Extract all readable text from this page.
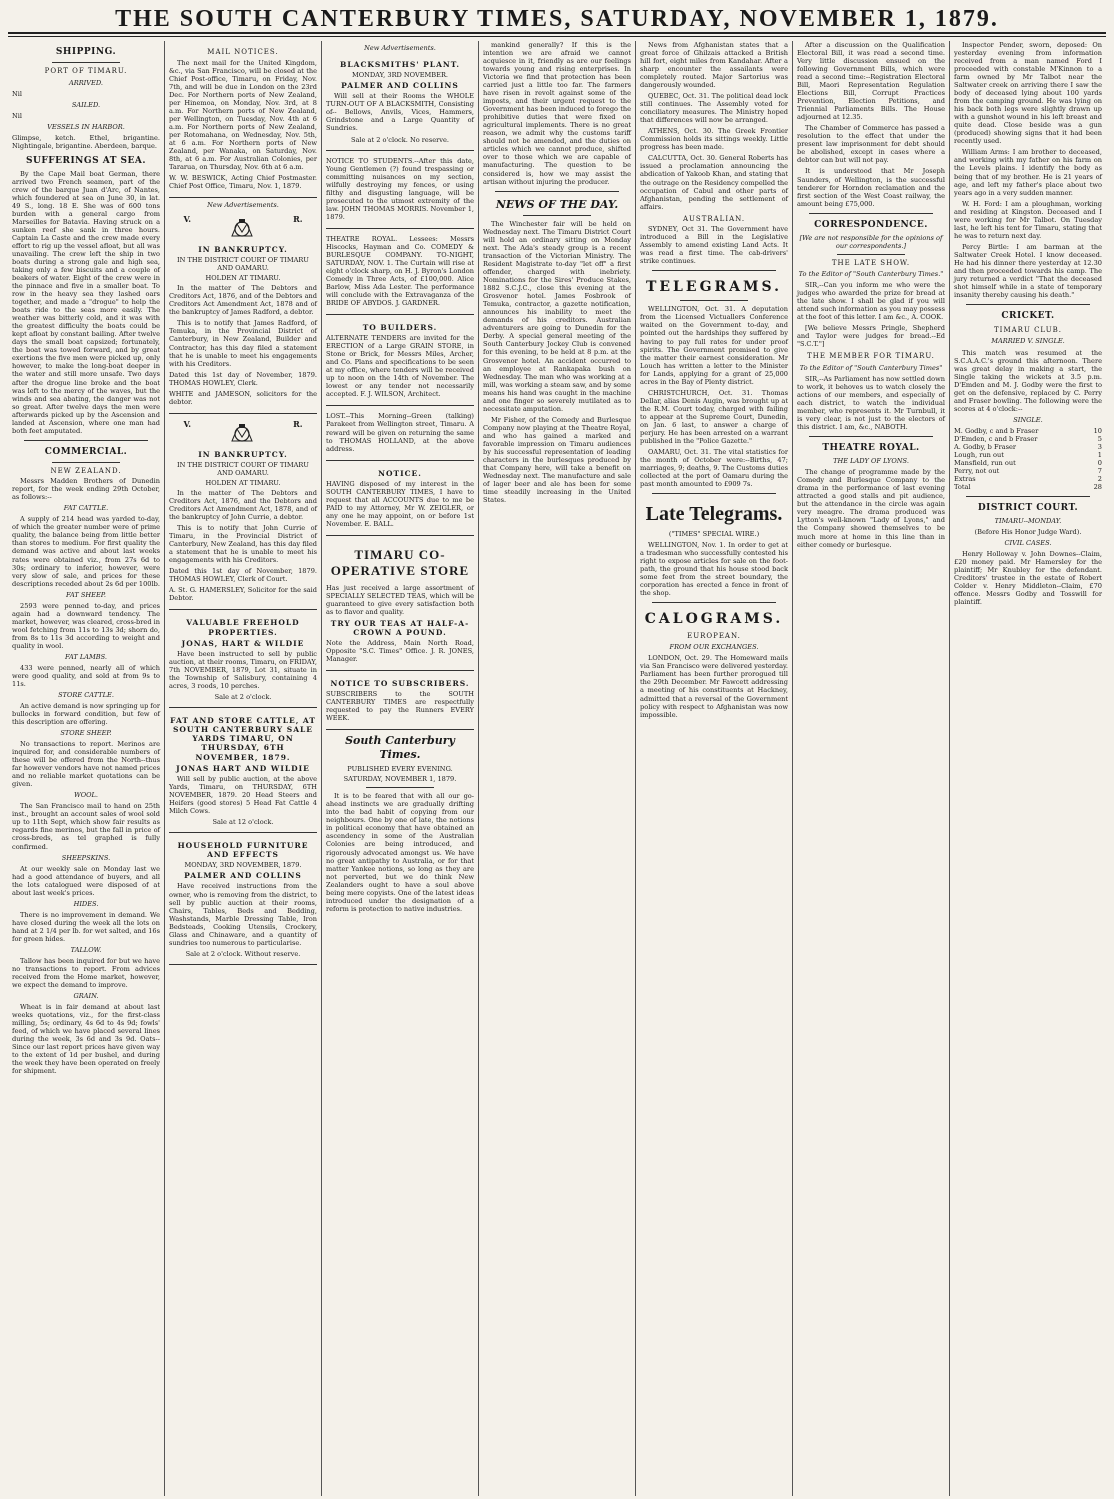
THE SOUTH CANTERBURY TIMES, SATURDAY, NOVEMBER 1, 1879.
SHIPPING.
PORT OF TIMARU.
ARRIVED.
Nil
SAILED.
Nil
VESSELS IN HARBOR.
Glimpse, ketch. Ethel, brigantine. Nightingale, brigantine. Aberdeen, barque.
SUFFERINGS AT SEA.
By the Cape Mail boat German, there arrived two French seamen, part of the crew of the barque Juan d'Arc, of Nantes, which foundered at sea on June 30, in lat. 49 S., long. 18 E. She was of 600 tons burden with a general cargo from Marseilles for Batavia. Having struck on a sunken reef she sank in three hours. Captain La Caste and the crew made every effort to rig up the vessel afloat, but all was unavailing. The crew left the ship in two boats during a strong gale and high sea, taking only a few biscuits and a couple of beakers of water. Eight of the crew were in the pinnace and five in a smaller boat. To row in the heavy sea they lashed oars together, and made a "drogue" to help the boats ride to the seas more easily. The weather was bitterly cold, and it was with the greatest difficulty the boats could be kept afloat by constant bailing. After twelve days the small boat capsized; fortunately, the boat was towed forward, and by great exertions the five men were picked up, only however, to make the long-boat deeper in the water and still more unsafe. Two days after the drogue line broke and the boat was left to the mercy of the waves, but the winds and sea abating, the danger was not so great. After twelve days the men were afterwards picked up by the Ascension and landed at Ascension, where one man had both feet amputated.
COMMERCIAL.
NEW ZEALAND.
Messrs Madden Brothers of Dunedin report, for the week ending 29th October, as follows:--
FAT CATTLE.
A supply of 214 head was yarded to-day, of which the greater number were of prime quality, the balance being from little better than stores to medium. For first quality the demand was active and about last weeks rates were obtained viz., from 27s 6d to 30s; ordinary to inferior, however, were very slow of sale, and prices for these descriptions receded about 2s 6d per 100lb.
FAT SHEEP.
2593 were penned to-day, and prices again had a downward tendency. The market, however, was cleared, cross-bred in wool fetching from 11s to 13s 3d; shorn do, from 8s to 11s 3d according to weight and quality in wool.
FAT LAMBS.
433 were penned, nearly all of which were good quality, and sold at from 9s to 11s.
STORE CATTLE.
An active demand is now springing up for bullocks in forward condition, but few of this description are offering.
STORE SHEEP.
No transactions to report. Merinos are inquired for, and considerable numbers of these will be offered from the North--thus far however vendors have not named prices and no reliable market quotations can be given.
WOOL.
The San Francisco mail to hand on 25th inst., brought an account sales of wool sold up to 11th Sept, which show fair results as regards fine merinos, but the fall in price of cross-breds, as tel graphed is fully confirmed.
SHEEPSKINS.
At our weekly sale on Monday last we had a good attendance of buyers, and all the lots catalogued were disposed of at about last week's prices.
HIDES.
There is no improvement in demand. We have closed during the week all the lots on hand at 2 1/4 per lb. for wet salted, and 16s for green hides.
TALLOW.
Tallow has been inquired for but we have no transactions to report. From advices received from the Home market, however, we expect the demand to improve.
GRAIN.
Wheat is in fair demand at about last weeks quotations, viz., for the first-class milling, 5s; ordinary, 4s 6d to 4s 9d; fowls' feed, of which we have placed several lines during the week, 3s 6d and 3s 9d. Oats--Since our last report prices have given way to the extent of 1d per bushel, and during the week they have been operated on freely for shipment.
MAIL NOTICES.
The next mail for the United Kingdom, &c., via San Francisco, will be closed at the Chief Post-office, Timaru, on Friday, Nov. 7th, and will be due in London on the 23rd Dec. For Northern ports of New Zealand, per Hinemoa, on Monday, Nov. 3rd, at 8 a.m. For Northern ports of New Zealand, per Wellington, on Tuesday, Nov. 4th at 6 a.m. For Northern ports of New Zealand, per Rotomahana, on Wednesday, Nov. 5th, at 6 a.m. For Northern ports of New Zealand, per Wanaka, on Saturday, Nov. 8th, at 6 a.m. For Australian Colonies, per Tararua, on Thursday, Nov. 6th at 6 a.m.
W. W. BESWICK, Acting Chief Postmaster. Chief Post Office, Timaru, Nov. 1, 1879.
New Advertisements.
V.	R.
IN BANKRUPTCY.
IN THE DISTRICT COURT OF TIMARU AND OAMARU.
HOLDEN AT TIMARU.
In the matter of The Debtors and Creditors Act, 1876, and of the Debtors and Creditors Act Amendment Act, 1878 and of the bankruptcy of James Radford, a debtor.
This is to notify that James Radford, of Temuka, in the Provincial District of Canterbury, in New Zealand, Builder and Contractor, has this day filed a statement that he is unable to meet his engagements with his Creditors.
Dated this 1st day of November, 1879. THOMAS HOWLEY, Clerk.
WHITE and JAMESON, solicitors for the debtor.
V.	R.
IN BANKRUPTCY.
IN THE DISTRICT COURT OF TIMARU AND OAMARU.
HOLDEN AT TIMARU.
In the matter of The Debtors and Creditors Act, 1876, and the Debtors and Creditors Act Amendment Act, 1878, and of the bankruptcy of John Currie, a debtor.
This is to notify that John Currie of Timaru, in the Provincial District of Canterbury, New Zealand, has this day filed a statement that he is unable to meet his engagements with his Creditors.
Dated this 1st day of November, 1879. THOMAS HOWLEY, Clerk of Court.
A. St. G. HAMERSLEY, Solicitor for the said Debtor.
VALUABLE FREEHOLD PROPERTIES.
JONAS, HART & WILDIE
Have been instructed to sell by public auction, at their rooms, Timaru, on FRIDAY, 7th NOVEMBER, 1879, Lot 31, situate in the Township of Salisbury, containing 4 acres, 3 roods, 10 perches.
Sale at 2 o'clock.
FAT AND STORE CATTLE, AT SOUTH CANTERBURY SALE YARDS TIMARU, ON THURSDAY, 6TH NOVEMBER, 1879.
JONAS HART AND WILDIE
Will sell by public auction, at the above Yards, Timaru, on THURSDAY, 6TH NOVEMBER, 1879. 20 Head Steers and Heifers (good stores) 5 Head Fat Cattle 4 Milch Cows.
Sale at 12 o'clock.
HOUSEHOLD FURNITURE AND EFFECTS
MONDAY, 3RD NOVEMBER, 1879.
PALMER AND COLLINS
Have received instructions from the owner, who is removing from the district, to sell by public auction at their rooms, Chairs, Tables, Beds and Bedding, Washstands, Marble Dressing Table, Iron Bedsteads, Cooking Utensils, Crockery, Glass and Chinaware, and a quantity of sundries too numerous to particularise.
Sale at 2 o'clock. Without reserve.
New Advertisements.
BLACKSMITHS' PLANT.
MONDAY, 3RD NOVEMBER.
PALMER AND COLLINS
Will sell at their Rooms the WHOLE TURN-OUT OF A BLACKSMITH, Consisting of-- Bellows, Anvils, Vices, Hammers, Grindstone and a Large Quantity of Sundries.
Sale at 2 o'clock. No reserve.
NOTICE TO STUDENTS.--After this date, Young Gentlemen (?) found trespassing or committing nuisances on my section, wilfully destroying my fences, or using filthy and disgusting language, will be prosecuted to the utmost extremity of the law. JOHN THOMAS MORRIS. November 1, 1879.
THEATRE ROYAL. Lessees: Messrs Hiscocks, Hayman and Co. COMEDY & BURLESQUE COMPANY. TO-NIGHT, SATURDAY, NOV. 1. The Curtain will rise at eight o'clock sharp, on H. J. Byron's London Comedy in Three Acts, of £100,000. Alice Barlow, Miss Ada Lester. The performance will conclude with the Extravaganza of the BRIDE OF ABYDOS. J. GARDNER.
TO BUILDERS.
ALTERNATE TENDERS are invited for the ERECTION of a Large GRAIN STORE, in Stone or Brick, for Messrs Miles, Archer, and Co. Plans and specifications to be seen at my office, where tenders will be received up to noon on the 14th of November. The lowest or any tender not necessarily accepted. F. J. WILSON, Architect.
LOST.--This Morning--Green (talking) Parakeet from Wellington street, Timaru. A reward will be given on returning the same to THOMAS HOLLAND, at the above address.
NOTICE.
HAVING disposed of my interest in the SOUTH CANTERBURY TIMES, I have to request that all ACCOUNTS due to me be PAID to my Attorney, Mr W. ZEIGLER, or any one he may appoint, on or before 1st November. E. BALL.
TIMARU CO-OPERATIVE STORE
Has just received a large assortment of SPECIALLY SELECTED TEAS, which will be guaranteed to give every satisfaction both as to flavor and quality.
TRY OUR TEAS AT HALF-A-CROWN A POUND.
Note the Address, Main North Road, Opposite "S.C. Times" Office. J. R. JONES, Manager.
NOTICE TO SUBSCRIBERS.
SUBSCRIBERS to the SOUTH CANTERBURY TIMES are respectfully requested to pay the Runners EVERY WEEK.
South Canterbury Times.
PUBLISHED EVERY EVENING.
SATURDAY, NOVEMBER 1, 1879.
It is to be feared that with all our go-ahead instincts we are gradually drifting into the bad habit of copying from our neighbours. One by one of late, the notions in political economy that have obtained an ascendency in some of the Australian Colonies are being introduced, and rigorously advocated amongst us. We have no great antipathy to Australia, or for that matter Yankee notions, so long as they are not perverted, but we do think New Zealanders ought to have a soul above being mere copyists. One of the latest ideas introduced under the designation of a reform is protection to native industries.
mankind generally? If this is the intention we are afraid we cannot acquiesce in it, friendly as are our feelings towards young and rising enterprises. In Victoria we find that protection has been carried just a little too far. The farmers have risen in revolt against some of the imposts, and their urgent request to the Government has been induced to forego the prohibitive duties that were fixed on agricultural implements. There is no great reason, we admit why the customs tariff should not be amended, and the duties on articles which we cannot produce, shifted over to those which we are capable of manufacturing. The question to be considered is, how we may assist the artisan without injuring the producer.
NEWS OF THE DAY.
The Winchester fair will be held on Wednesday next. The Timaru District Court will hold an ordinary sitting on Monday next. The Ada's steady group is a recent transaction of the Victorian Ministry. The Resident Magistrate to-day "let off" a first offender, charged with inebriety. Nominations for the Sires' Produce Stakes, 1882 S.C.J.C., close this evening at the Grosvenor hotel. James Fosbrook of Temuka, contractor, a gazette notification, announces his inability to meet the demands of his creditors. Australian adventurers are going to Dunedin for the Derby. A special general meeting of the South Canterbury Jockey Club is convened for this evening, to be held at 8 p.m. at the Grosvenor hotel. An accident occurred to an employee at Rankapaka bush on Wednesday. The man who was working at a mill, was working a steam saw, and by some means his hand was caught in the machine and one finger so severely mutilated as to necessitate amputation.
Mr Fisher, of the Comedy and Burlesque Company now playing at the Theatre Royal, and who has gained a marked and favorable impression on Timaru audiences by his successful representation of leading characters in the burlesques produced by that Company here, will take a benefit on Wednesday next. The manufacture and sale of lager beer and ale has been for some time steadily increasing in the United States.
News from Afghanistan states that a great force of Ghilzais attacked a British hill fort, eight miles from Kandahar. After a sharp encounter the assailants were completely routed. Major Sartorius was dangerously wounded.
QUEBEC, Oct. 31. The political dead lock still continues. The Assembly voted for conciliatory measures. The Ministry hoped that differences will now be arranged.
ATHENS, Oct. 30. The Greek Frontier Commission holds its sittings weekly. Little progress has been made.
CALCUTTA, Oct. 30. General Roberts has issued a proclamation announcing the abdication of Yakoob Khan, and stating that the outrage on the Residency compelled the occupation of Cabul and other parts of Afghanistan, pending the settlement of affairs.
AUSTRALIAN.
SYDNEY, Oct 31. The Government have introduced a Bill in the Legislative Assembly to amend existing Land Acts. It was read a first time. The cab-drivers' strike continues.
TELEGRAMS.
WELLINGTON, Oct. 31. A deputation from the Licensed Victuallers Conference waited on the Government to-day, and pointed out the hardships they suffered by having to pay full rates for under proof spirits. The Government promised to give the matter their earnest consideration. Mr Louch has written a letter to the Minister for Lands, applying for a grant of 25,000 acres in the Bay of Plenty district.
CHRISTCHURCH, Oct. 31. Thomas Dellar, alias Denis Augin, was brought up at the R.M. Court today, charged with failing to appear at the Supreme Court, Dunedin, on Jan. 6 last, to answer a charge of perjury. He has been arrested on a warrant published in the "Police Gazette."
OAMARU, Oct. 31. The vital statistics for the month of October were:--Births, 47; marriages, 9; deaths, 9. The Customs duties collected at the port of Oamaru during the past month amounted to £909 7s.
Late Telegrams.
("TIMES" SPECIAL WIRE.)
WELLINGTON, Nov. 1. In order to get at a tradesman who successfully contested his right to expose articles for sale on the foot-path, the ground that his house stood back some feet from the street boundary, the corporation has erected a fence in front of the shop.
CALOGRAMS.
EUROPEAN.
FROM OUR EXCHANGES.
LONDON, Oct. 29. The Homeward mails via San Francisco were delivered yesterday. Parliament has been further prorogued till the 29th December. Mr Fawcett addressing a meeting of his constituents at Hackney, admitted that a reversal of the Government policy with respect to Afghanistan was now impossible.
After a discussion on the Qualification Electoral Bill, it was read a second time. Very little discussion ensued on the following Government Bills, which were read a second time:--Registration Electoral Bill, Maori Representation Regulation Elections Bill, Corrupt Practices Prevention, Election Petitions, and Triennial Parliaments Bills. The House adjourned at 12.35.
The Chamber of Commerce has passed a resolution to the effect that under the present law imprisonment for debt should be abolished, except in cases where a debtor can but will not pay.
It is understood that Mr Joseph Saunders, of Wellington, is the successful tenderer for Horndon reclamation and the first section of the West Coast railway, the amount being £75,000.
CORRESPONDENCE.
[We are not responsible for the opinions of our correspondents.]
THE LATE SHOW.
To the Editor of "South Canterbury Times."
SIR,--Can you inform me who were the judges who awarded the prize for bread at the late show. I shall be glad if you will attend such information as you may possess at the foot of this letter. I am &c., A. COOK.
[We believe Messrs Pringle, Shepherd and Taylor were judges for bread.--Ed "S.C.T."]
THE MEMBER FOR TIMARU.
To the Editor of "South Canterbury Times"
SIR,--As Parliament has now settled down to work, it behoves us to watch closely the actions of our members, and especially of each district, to watch the individual member, who represents it. Mr Turnbull, it is very clear, is not just to the electors of this district. I am, &c., NABOTH.
THEATRE ROYAL.
THE LADY OF LYONS.
The change of programme made by the Comedy and Burlesque Company to the drama in the performance of last evening attracted a good stalls and pit audience, but the attendance in the circle was again very meagre. The drama produced was Lytton's well-known "Lady of Lyons," and the Company showed themselves to be much more at home in this line than in either comedy or burlesque.
Inspector Pender, sworn, deposed: On yesterday evening from information received from a man named Ford I proceeded with constable M'Kinnon to a farm owned by Mr Talbot near the Saltwater creek on arriving there I saw the body of deceased lying about 100 yards from the camping ground. He was lying on his back both legs were slightly drawn up with a gunshot wound in his left breast and quite dead. Close beside was a gun (produced) showing signs that it had been recently used.
William Arms: I am brother to deceased, and working with my father on his farm on the Levels plains. I identify the body as being that of my brother. He is 21 years of age, and left my father's place about two years ago in a very sudden manner.
W. H. Ford: I am a ploughman, working and residing at Kingston. Deceased and I were working for Mr Talbot. On Tuesday last, he left his tent for Timaru, stating that he was to return next day.
Percy Birtle: I am barman at the Saltwater Creek Hotel. I know deceased. He had his dinner there yesterday at 12.30 and then proceeded towards his camp. The jury returned a verdict "That the deceased shot himself while in a state of temporary insanity thereby causing his death."
CRICKET.
TIMARU CLUB.
MARRIED V. SINGLE.
This match was resumed at the S.C.A.A.C.'s ground this afternoon. There was great delay in making a start, the Single taking the wickets at 3.5 p.m. D'Emden and M. J. Godby were the first to get on the defensive, replaced by C. Perry and Fraser bowling. The following were the scores at 4 o'clock:--
SINGLE.
M. Godby, c and b Fraser	10
D'Emden, c and b Fraser	5
A. Godby, b Fraser	3
Lough, run out	1
Mansfield, run out	0
Perry, not out	7
Extras	2
Total	28
DISTRICT COURT.
TIMARU--MONDAY.
(Before His Honor Judge Ward).
CIVIL CASES.
Henry Holloway v. John Downes--Claim, £20 money paid. Mr Hamersley for the plaintiff; Mr Knubley for the defendant. Creditors' trustee in the estate of Robert Colder v. Henry Middleton--Claim, £70 offence. Messrs Godby and Tosswill for plaintiff.
